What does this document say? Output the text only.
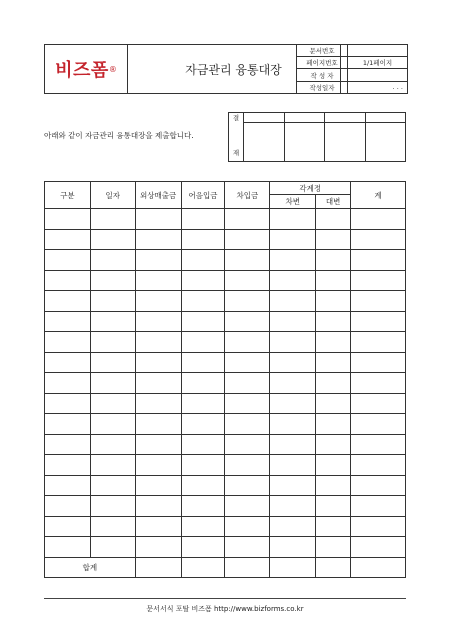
비즈폼 ®	자금관리 융통대장
문서번호	
페이지번호	1/1페이지
작 성 자	
작성일자	. . .
아래와 같이 자금관리 융통대장을 제출합니다.
결				
재				
구분	일자	외상매출금	어음입금	차입금	각계정		계
					차변	대변	

합계							
문서서식 포탈 비즈폼 http://www.bizforms.co.kr
